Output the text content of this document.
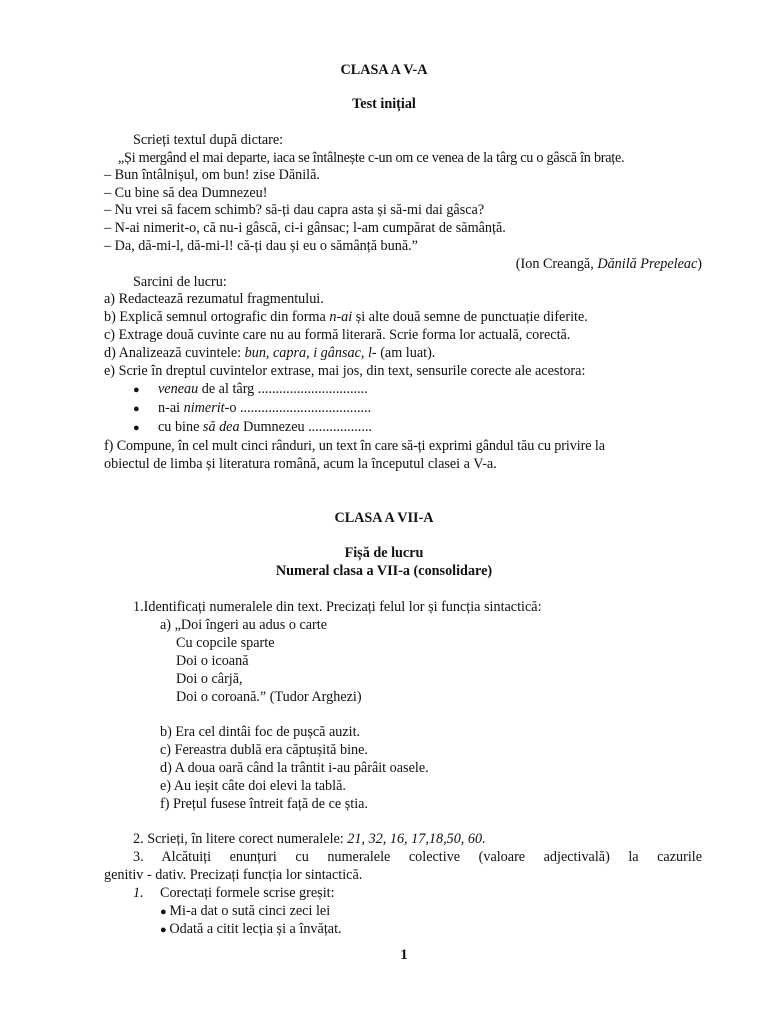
CLASA A V-A
Test inițial
Scrieți textul după dictare:
„Și mergând el mai departe, iaca se întâlnește c-un om ce venea de la târg cu o gâscă în brațe.
– Bun întâlnișul, om bun! zise Dănilă.
– Cu bine să dea Dumnezeu!
– Nu vrei să facem schimb? să-ți dau capra asta și să-mi dai gâsca?
– N-ai nimerit-o, că nu-i gâscă, ci-i gânsac; l-am cumpărat de sămânță.
– Da, dă-mi-l, dă-mi-l! că-ți dau și eu o sămânță bună.”
(Ion Creangă, Dănilă Prepeleac)
Sarcini de lucru:
a) Redactează rezumatul fragmentului.
b) Explică semnul ortografic din forma n-ai și alte două semne de punctuație diferite.
c) Extrage două cuvinte care nu au formă literară. Scrie forma lor actuală, corectă.
d) Analizează cuvintele: bun, capra, i gânsac, l- (am luat).
e) Scrie în dreptul cuvintelor extrase, mai jos, din text, sensurile corecte ale acestora:
● veneau de al târg ...............................
● n-ai nimerit-o .....................................
● cu bine să dea Dumnezeu ..................
f) Compune, în cel mult cinci rânduri, un text în care să-ți exprimi gândul tău cu privire la
obiectul de limba și literatura română, acum la începutul clasei a V-a.
CLASA A VII-A
Fișă de lucru
Numeral clasa a VII-a (consolidare)
1.Identificați numeralele din text. Precizați felul lor și funcția sintactică:
a) „Doi îngeri au adus o carte
Cu copcile sparte
Doi o icoană
Doi o cârjă,
Doi o coroană.” (Tudor Arghezi)
b) Era cel dintâi foc de pușcă auzit.
c) Fereastra dublă era căptușită bine.
d) A doua oară când la trântit i-au pârâit oasele.
e) Au ieșit câte doi elevi la tablă.
f) Prețul fusese întreit față de ce știa.
2. Scrieți, în litere corect numeralele: 21, 32, 16, 17,18,50, 60.
3. Alcătuiți enunțuri cu numeralele colective (valoare adjectivală) la cazurile
genitiv - dativ. Precizați funcția lor sintactică.
1. Corectați formele scrise greșit:
● Mi-a dat o sută cinci zeci lei
● Odată a citit lecția și a învățat.
1
